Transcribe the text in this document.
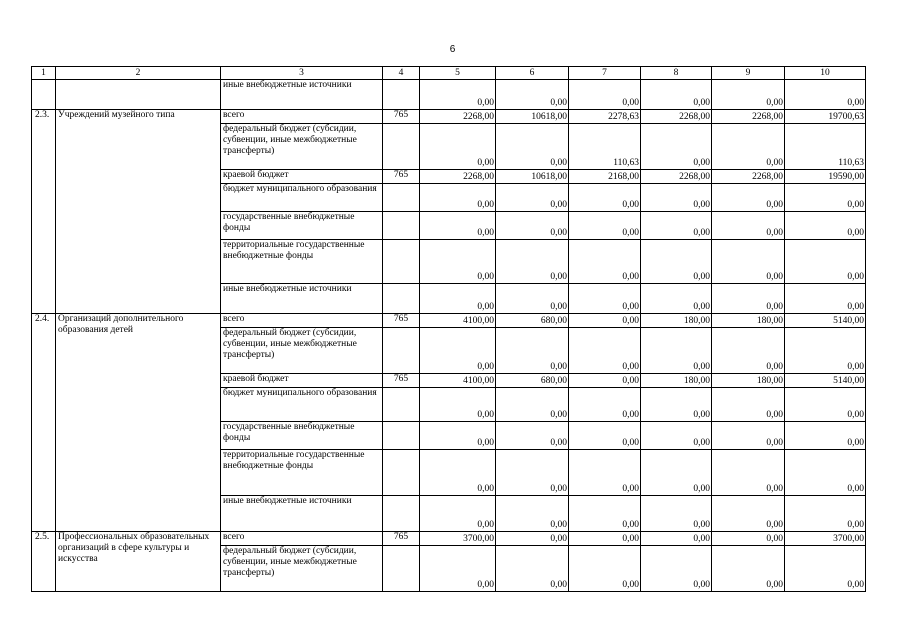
6
1	2	3	4	5	6	7	8	9	10
		иные внебюджетные источники		0,00	0,00	0,00	0,00	0,00	0,00
2.3.	Учреждений музейного типа	всего	765	2268,00	10618,00	2278,63	2268,00	2268,00	19700,63
		федеральный бюджет (субсидии, субвенции, иные межбюджетные трансферты)		0,00	0,00	110,63	0,00	0,00	110,63
		краевой бюджет	765	2268,00	10618,00	2168,00	2268,00	2268,00	19590,00
		бюджет муниципального образования		0,00	0,00	0,00	0,00	0,00	0,00
		государственные внебюджетные фонды		0,00	0,00	0,00	0,00	0,00	0,00
		территориальные государственные внебюджетные фонды		0,00	0,00	0,00	0,00	0,00	0,00
		иные внебюджетные источники		0,00	0,00	0,00	0,00	0,00	0,00
2.4.	Организаций дополнительного образования детей	всего	765	4100,00	680,00	0,00	180,00	180,00	5140,00
		федеральный бюджет (субсидии, субвенции, иные межбюджетные трансферты)		0,00	0,00	0,00	0,00	0,00	0,00
		краевой бюджет	765	4100,00	680,00	0,00	180,00	180,00	5140,00
		бюджет муниципального образования		0,00	0,00	0,00	0,00	0,00	0,00
		государственные внебюджетные фонды		0,00	0,00	0,00	0,00	0,00	0,00
		территориальные государственные внебюджетные фонды		0,00	0,00	0,00	0,00	0,00	0,00
		иные внебюджетные источники		0,00	0,00	0,00	0,00	0,00	0,00
2.5.	Профессиональных образовательных организаций в сфере культуры и искусства	всего	765	3700,00	0,00	0,00	0,00	0,00	3700,00
		федеральный бюджет (субсидии, субвенции, иные межбюджетные трансферты)		0,00	0,00	0,00	0,00	0,00	0,00
